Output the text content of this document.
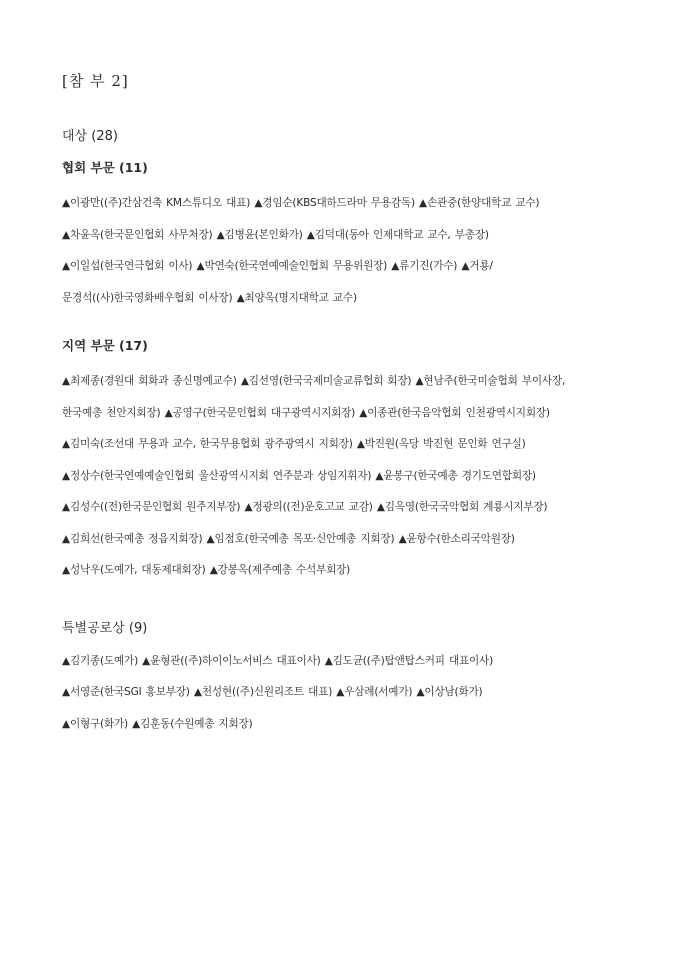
[참 부 2]
대상 (28)
협회 부문 (11)
▲이광만((주)간삼건축 KM스튜디오 대표) ▲경임순(KBS대하드라마 무용감독) ▲손관중(한양대학교 교수)
▲차윤옥(한국문인협회 사무처장) ▲김병윤(본인화가) ▲김덕대(동아 인제대학교 교수, 부총장)
▲이일섭(한국연극협회 이사) ▲박연숙(한국연예예술인협회 무용위원장) ▲류기진(가수) ▲거룡/
문경석((사)한국영화배우협회 이사장) ▲최양옥(명지대학교 교수)
지역 부문 (17)
▲최제종(경원대 회화과 종신명예교수) ▲김선영(한국국제미술교류협회 회장) ▲현남주(한국미술협회 부이사장,
한국예총 천안지회장) ▲공영구(한국문인협회 대구광역시지회장) ▲이종관(한국음악협회 인천광역시지회장)
▲김미숙(조선대 무용과 교수, 한국무용협회 광주광역시 지회장) ▲박진원(옥당 박진현 문인화 연구실)
▲정상수(한국연예예술인협회 울산광역시지회 연주분과 상임지휘자) ▲윤봉구(한국예총 경기도연합회장)
▲김성수((전)한국문인협회 원주지부장) ▲정광의((전)운호고교 교감) ▲김옥영(한국국악협회 계룡시지부장)
▲김희선(한국예총 정읍지회장) ▲임점호(한국예총 목포·신안예총 지회장) ▲윤항수(한소리국악원장)
▲성낙우(도예가, 대동제대회장) ▲강봉옥(제주예총 수석부회장)
특별공로상 (9)
▲김기종(도예가) ▲윤형관((주)하이이노서비스 대표이사) ▲김도균((주)탑앤탑스커피 대표이사)
▲서영준(한국SGI 홍보부장) ▲천성현((주)신원리조트 대표) ▲우삼례(서예가) ▲이상남(화가)
▲이형구(화가) ▲김훈동(수원예총 지회장)
